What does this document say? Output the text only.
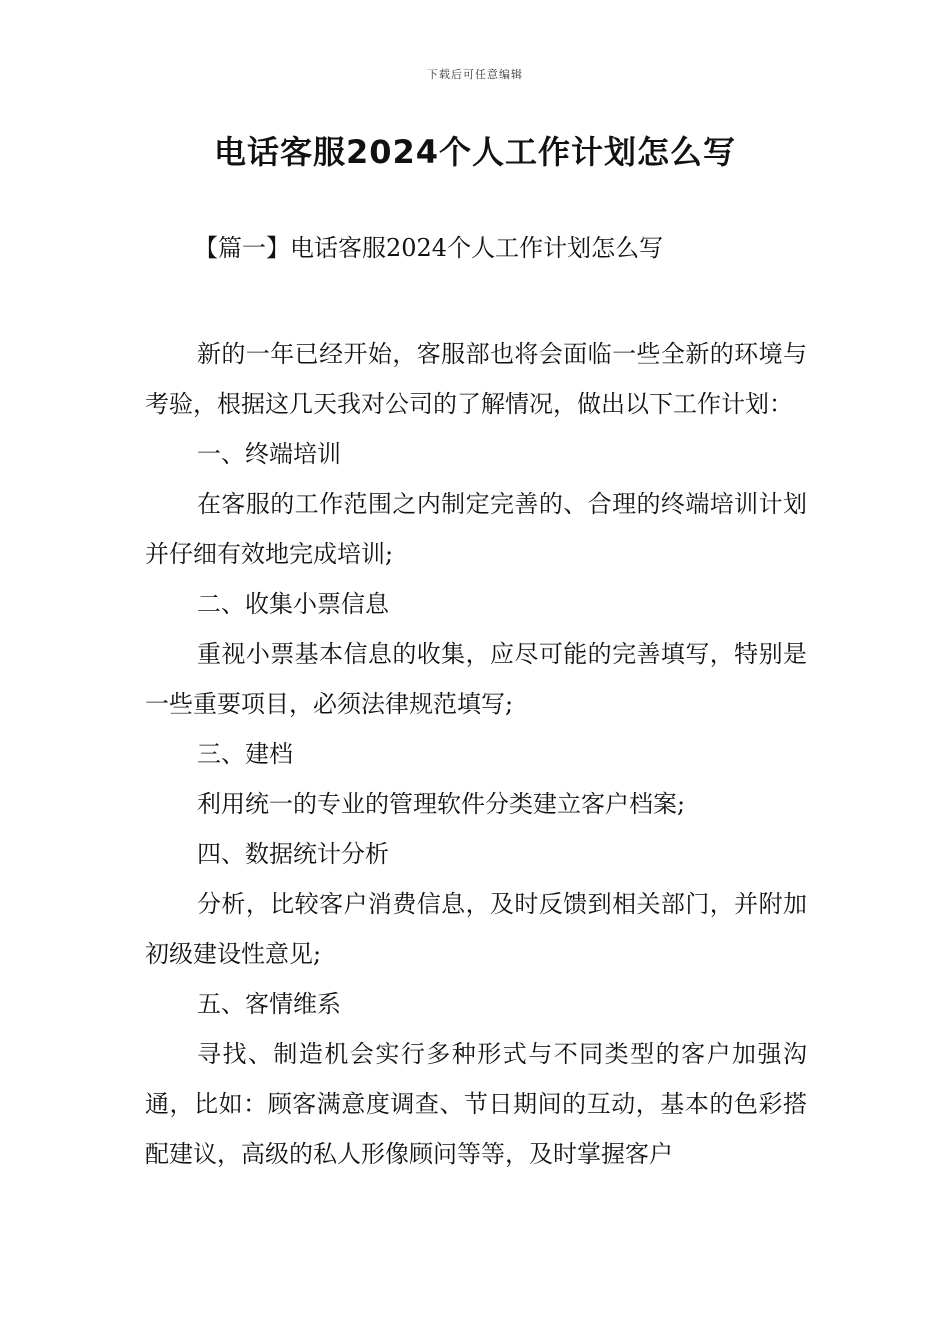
下载后可任意编辑
电话客服2024个人工作计划怎么写
【篇一】电话客服2024个人工作计划怎么写

新的一年已经开始，客服部也将会面临一些全新的环境与考验，根据这几天我对公司的了解情况，做出以下工作计划：

一、终端培训

在客服的工作范围之内制定完善的、合理的终端培训计划并仔细有效地完成培训;

二、收集小票信息

重视小票基本信息的收集，应尽可能的完善填写，特别是一些重要项目，必须法律规范填写;

三、建档

利用统一的专业的管理软件分类建立客户档案;

四、数据统计分析

分析，比较客户消费信息，及时反馈到相关部门，并附加初级建设性意见;

五、客情维系

寻找、制造机会实行多种形式与不同类型的客户加强沟通，比如：顾客满意度调查、节日期间的互动，基本的色彩搭配建议，高级的私人形像顾问等等，及时掌握客户
